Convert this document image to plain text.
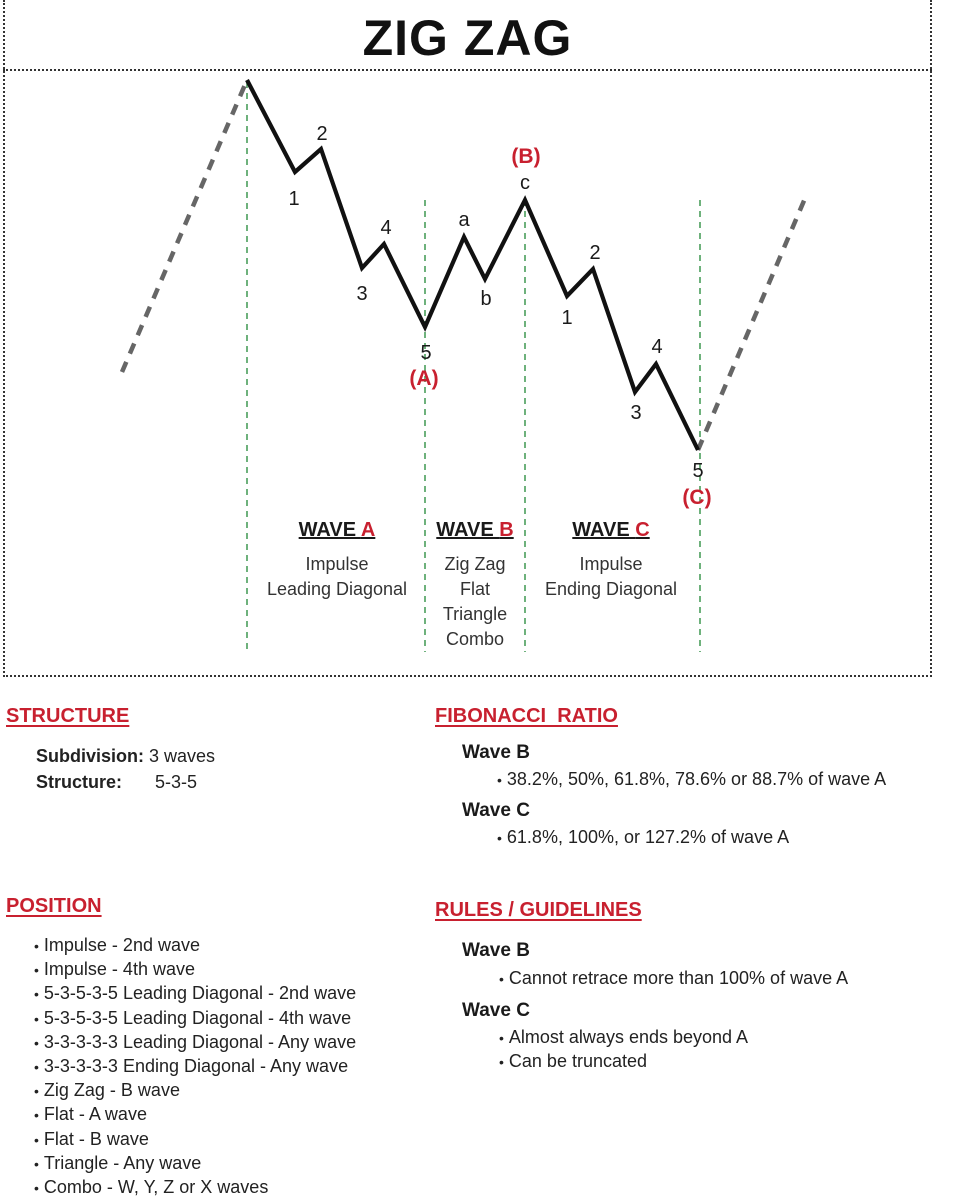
ZIG ZAG
1
2
3
4
5
(A)
a
b
c
(B)
1
2
3
4
5
(C)
WAVE A
Impulse
Leading Diagonal
WAVE B
Zig Zag
Flat
Triangle
Combo
WAVE C
Impulse
Ending Diagonal
STRUCTURE
Subdivision: 3 waves
Structure: 5-3-5
FIBONACCI  RATIO
Wave B
• 38.2%, 50%, 61.8%, 78.6% or 88.7% of wave A
Wave C
• 61.8%, 100%, or 127.2% of wave A
POSITION
• Impulse - 2nd wave
• Impulse - 4th wave
• 5-3-5-3-5 Leading Diagonal - 2nd wave
• 5-3-5-3-5 Leading Diagonal - 4th wave
• 3-3-3-3-3 Leading Diagonal - Any wave
• 3-3-3-3-3 Ending Diagonal - Any wave
• Zig Zag - B wave
• Flat - A wave
• Flat - B wave
• Triangle - Any wave
• Combo - W, Y, Z or X waves
RULES / GUIDELINES
Wave B
• Cannot retrace more than 100% of wave A
Wave C
• Almost always ends beyond A
• Can be truncated
